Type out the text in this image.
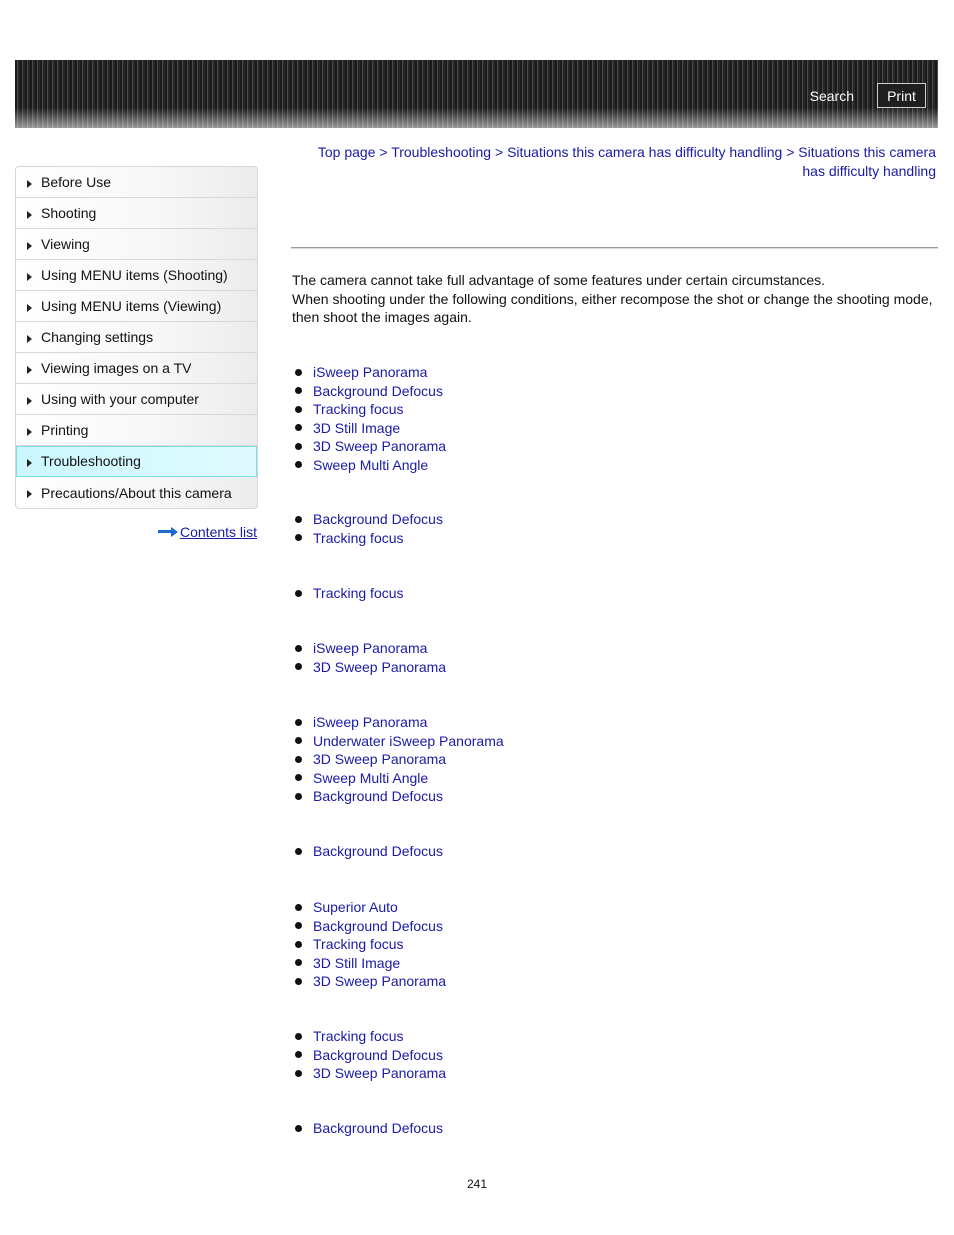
Search	Print
Top page > Troubleshooting > Situations this camera has difficulty handling > Situations this camera has difficulty handling
Before Use
Shooting
Viewing
Using MENU items (Shooting)
Using MENU items (Viewing)
Changing settings
Viewing images on a TV
Using with your computer
Printing
Troubleshooting
Precautions/About this camera
Contents list
The camera cannot take full advantage of some features under certain circumstances.
When shooting under the following conditions, either recompose the shot or change the shooting mode, then shoot the images again.
iSweep Panorama
Background Defocus
Tracking focus
3D Still Image
3D Sweep Panorama
Sweep Multi Angle
Background Defocus
Tracking focus
Tracking focus
iSweep Panorama
3D Sweep Panorama
iSweep Panorama
Underwater iSweep Panorama
3D Sweep Panorama
Sweep Multi Angle
Background Defocus
Background Defocus
Superior Auto
Background Defocus
Tracking focus
3D Still Image
3D Sweep Panorama
Tracking focus
Background Defocus
3D Sweep Panorama
Background Defocus
241
